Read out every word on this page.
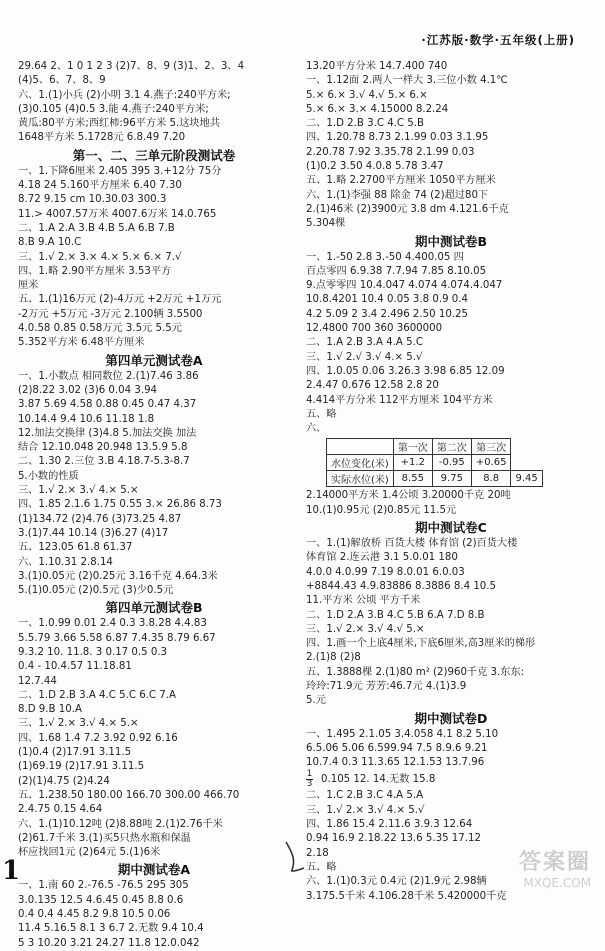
·江苏版·数学·五年级(上册)
29.64 2、1 0 1 2 3 (2)7、8、9 (3)1、2、3、4
(4)5、6、7、8、9
六、1.(1)小兵 (2)小明 3.1 4.燕子:240平方米;
(3)0.105 (4)0.5 3.能 4.燕子:240平方米;
黄瓜:80平方米;西红柿:96平方米 5.这块地共
1648平方米 5.1728元 6.8.49 7.20
第一、二、三单元阶段测试卷
一、1.下降6厘米 2.405 395 3.+12分 75分
4.18 24 5.160平方厘米 6.40 7.30
8.72 9.15 cm 10.30.03 300.3
11.> 4007.57万米 4007.6万米 14.0.765
二、1.A 2.A 3.B 4.B 5.A 6.B 7.B
8.B 9.A 10.C
三、1.√ 2.× 3.× 4.× 5.× 6.× 7.√
四、1.略 2.90平方厘米 3.53平方
厘米
五、1.(1)16万元 (2)-4万元 +2万元 +1万元
-2万元 +5万元 -3万元 2.100辆 3.5500
4.0.58 0.85 0.58万元 3.5元 5.5元
5.352平方米 6.48平方厘米
第四单元测试卷A
一、1.小数点 相同数位 2.(1)7.46 3.86
(2)8.22 3.02 (3)6 0.04 3.94
3.87 5.69 4.58 0.88 0.45 0.47 4.37
10.14.4 9.4 10.6 11.18 1.8
12.加法交换律 (3)4.8 5.加法交换 加法
结合 12.10.048 20.948 13.5.9 5.8
二、1.30 2.三位 3.B 4.18.7-5.3-8.7
5.小数的性质
三、1.√ 2.× 3.√ 4.× 5.×
四、1.85 2.1.6 1.75 0.55 3.× 26.86 8.73
(1)134.72 (2)4.76 (3)73.25 4.87
3.(1)7.44 10.14 (3)6.27 (4)17
五、123.05 61.8 61.37
六、1.10.31 2.8.14
3.(1)0.05元 (2)0.25元 3.16千克 4.64.3米
5.(1)0.05元 (2)0.5元 (3)少0.5元
第四单元测试卷B
一、1.0.99 0.01 2.4 0.3 3.8.28 4.4.83
5.5.79 3.66 5.58 6.87 7.4.35 8.79 6.67
9.3.2 10. 11.8. 3 0.17 0.5 0.3
0.4 - 10.4.57 11.18.81
12.7.44
二、1.D 2.B 3.A 4.C 5.C 6.C 7.A
8.D 9.B 10.A
三、1.√ 2.× 3.√ 4.× 5.×
四、1.68 1.4 7.2 3.92 0.92 6.16
(1)0.4 (2)17.91 3.11.5
(1)69.19 (2)17.91 3.11.5
(2)(1)4.75 (2)4.24
五、1.238.50 180.00 166.70 300.00 466.70
2.4.75 0.15 4.64
六、1.(1)10.12吨 (2)8.88吨 2.(1)2.76千米
(2)61.7千米 3.(1)买5只热水瓶和保温
杯应找回1元 (2)64元 5.(1)6米
期中测试卷A
一、1.南 60 2.-76.5 -76.5 295 305
3.0.135 12.5 4.6.45 0.45 8.8 0.6
0.4 0.4 4.45 8.2 9.8 10.5 0.06
11.4 5.16.5 8.1 3 6.7 2.无数 9.4 10.4
5 3 10.20 3.21 24.27 11.8 12.0.042
13.20平方分米 14.7.400 740
一、1.12面 2.两人一样大 3.三位小数 4.1℃
5.× 6.× 3.√ 4.√ 5.× 6.×
5.× 6.× 3.× 4.15000 8.2.24
二、1.D 2.B 3.C 4.C 5.B
四、1.20.78 8.73 2.1.99 0.03 3.1.95
2.20.78 7.92 3.35.78 2.1.99 0.03
(1)0.2 3.50 4.0.8 5.78 3.47
五、1.略 2.2700平方厘米 1050平方厘米
六、1.(1)李强 88 除金 74 (2)超过80下
2.(1)46米 (2)3900元 3.8 dm 4.121.6千克
5.304棵
期中测试卷B
一、1.-50 2.8 3.-50 4.400.05 四
百点零四 6.9.38 7.7.94 7.85 8.10.05
9.点零零四 10.4.047 4.074 4.074.4.047
10.8.4201 10.4 0.05 3.8 0.9 0.4
4.2 5.09 2 3.4 2.496 2.50 10.25
12.4800 700 360 3600000
二、1.A 2.B 3.A 4.A 5.C
三、1.√ 2.√ 3.√ 4.× 5.√
四、1.0.05 0.06 3.26.3 3.98 6.85 12.09
2.4.47 0.676 12.58 2.8 20
4.414平方分米 112平方厘米 104平方米
五、略
六、
	第一次	第二次	第三次	
水位变化(米)	+1.2	-0.95	+0.65	
实际水位(米)	8.55	9.75	8.8	9.45
2.14000平方米 1.4公顷 3.20000千克 20吨
10.(1)0.95元 (2)0.85元 11.5元
期中测试卷C
一、1.(1)解放桥 百货大楼 体育馆 (2)百货大楼
体育馆 2.连云港 3.1 5.0.01 180
4.0.0 4.0.99 7.19 8.0.01 6.0.03
+8844.43 4.9.83886 8.3886 8.4 10.5
11.平方米 公顷 平方千米
二、1.D 2.A 3.B 4.C 5.B 6.A 7.D 8.B
三、1.√ 2.× 3.√ 4.√ 5.×
四、1.画一个上底4厘米,下底6厘米,高3厘米的梯形
2.(1)8 (2)8
五、1.3888棵 2.(1)80 m² (2)960千克 3.东东:
玲玲:71.9元 芳芳:46.7元 4.(1)3.9
5.元
期中测试卷D
一、1.495 2.1.05 3.4.058 4.1 8.2 5.10
6.5.06 5.06 6.599.94 7.5 8.9.6 9.21
10.7.4 0.3 11.3.65 12.1.53 13.7.96
$\frac{1}{3} 0.105$ 12. 14.无数 15.8
二、1.C 2.B 3.C 4.A 5.A
三、1.√ 2.× 3.√ 4.× 5.√
四、1.86 15.4 2.11.6 3.9.3 12.64
0.94 16.9 2.18.22 13.6 5.35 17.12
2.18
五、略
六、1.(1)0.3元 0.4元 (2)1.9元 2.98辆
3.175.5千米 4.106.28千米 5.420000千克
1	答案圈
MXQE.COM
